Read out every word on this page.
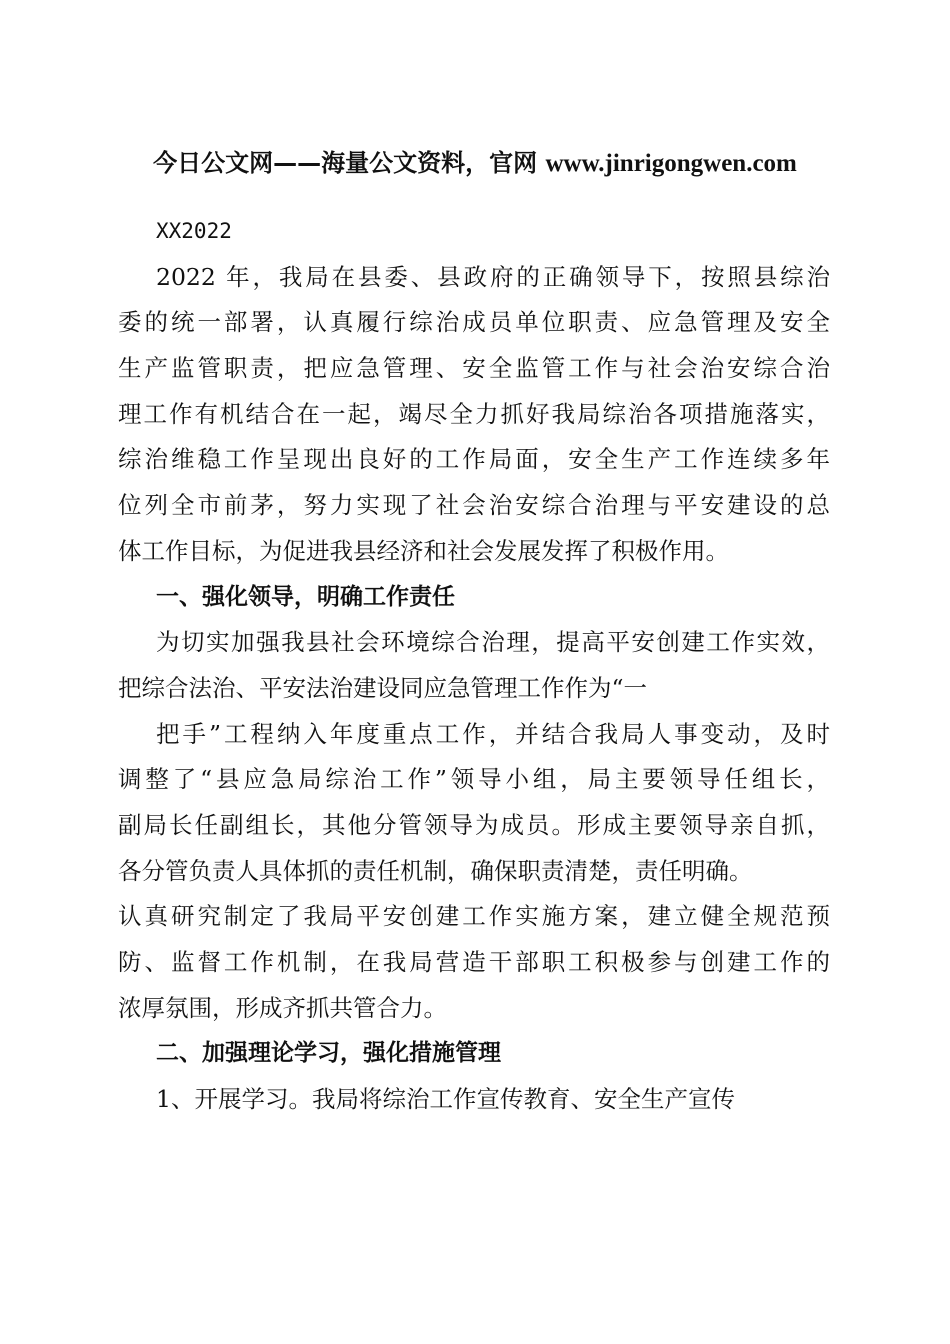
今日公文网——海量公文资料，官网 www.jinrigongwen.com
XX2022
2022 年，我局在县委、县政府的正确领导下，按照县综治
委的统一部署，认真履行综治成员单位职责、应急管理及安全
生产监管职责，把应急管理、安全监管工作与社会治安综合治
理工作有机结合在一起，竭尽全力抓好我局综治各项措施落实，
综治维稳工作呈现出良好的工作局面，安全生产工作连续多年
位列全市前茅，努力实现了社会治安综合治理与平安建设的总
体工作目标，为促进我县经济和社会发展发挥了积极作用。
一、强化领导，明确工作责任
为切实加强我县社会环境综合治理，提高平安创建工作实效，
把综合法治、平安法治建设同应急管理工作作为“一
把手”工程纳入年度重点工作，并结合我局人事变动，及时
调整了“县应急局综治工作”领导小组，局主要领导任组长，
副局长任副组长，其他分管领导为成员。形成主要领导亲自抓，
各分管负责人具体抓的责任机制，确保职责清楚，责任明确。
认真研究制定了我局平安创建工作实施方案，建立健全规范预
防、监督工作机制，在我局营造干部职工积极参与创建工作的
浓厚氛围，形成齐抓共管合力。
二、加强理论学习，强化措施管理
1、开展学习。我局将综治工作宣传教育、安全生产宣传
